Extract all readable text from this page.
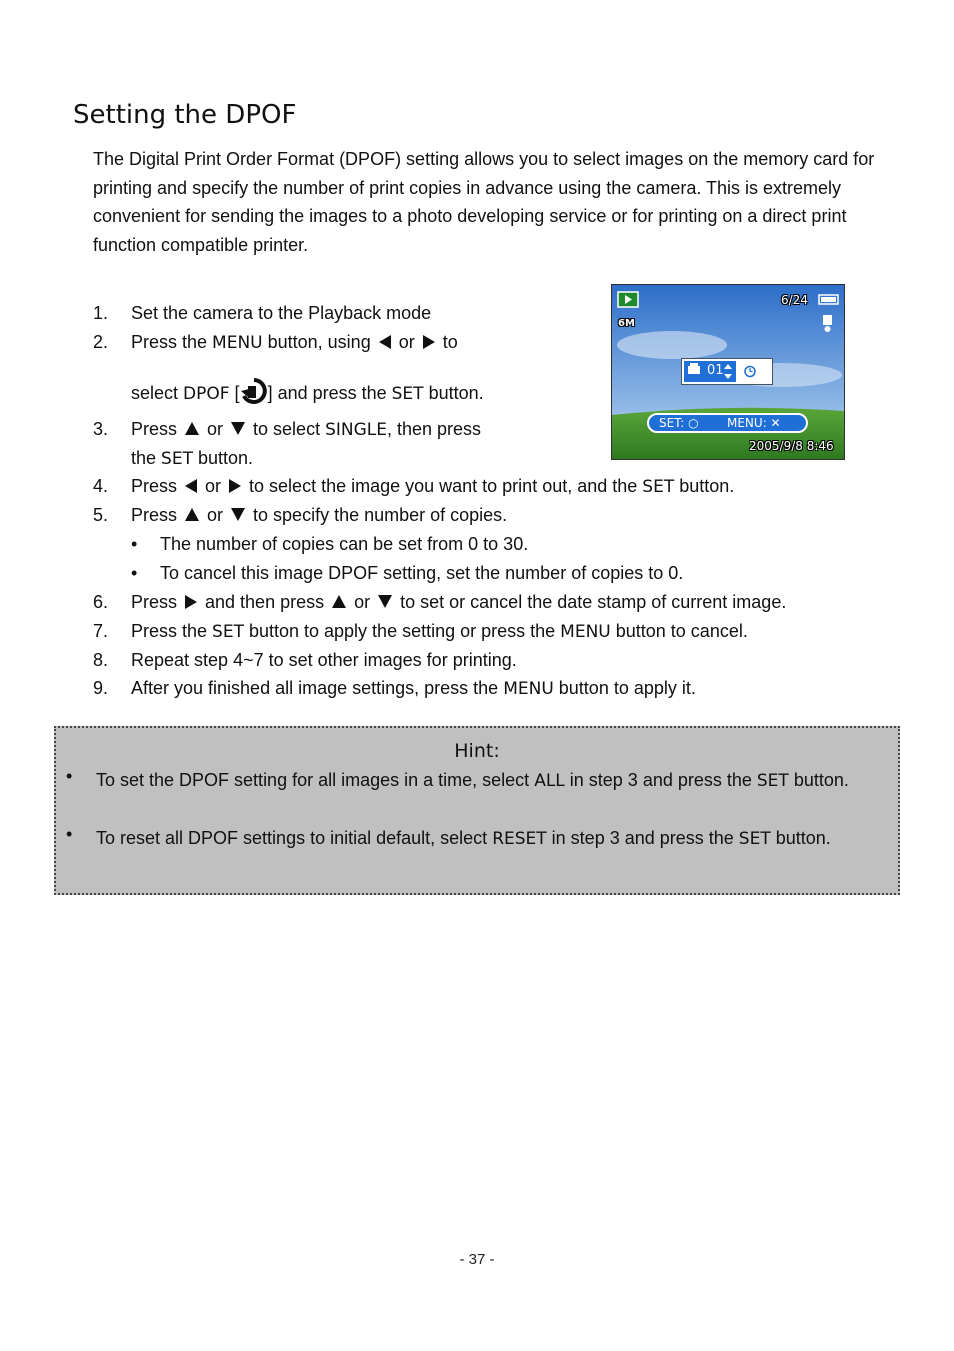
Setting the DPOF
The Digital Print Order Format (DPOF) setting allows you to select images on the memory card for printing and specify the number of print copies in advance using the camera. This is extremely convenient for sending the images to a photo developing service or for printing on a direct print function compatible printer.
1. Set the camera to the Playback mode
2. Press the MENU button, using or to
select DPOF [ ] and press the SET button.
3. Press or to select SINGLE, then press
the SET button.
4. Press or to select the image you want to print out, and the SET button.
5. Press or to specify the number of copies.
• The number of copies can be set from 0 to 30.
• To cancel this image DPOF setting, set the number of copies to 0.
6. Press and then press or to set or cancel the date stamp of current image.
7. Press the SET button to apply the setting or press the MENU button to cancel.
8. Repeat step 4~7 to set other images for printing.
9. After you finished all image settings, press the MENU button to apply it.
6/24
6M
01
SET: ○ MENU: ✕
2005/9/8 8:46
Hint:
• To set the DPOF setting for all images in a time, select ALL in step 3 and press the SET button.
• To reset all DPOF settings to initial default, select RESET in step 3 and press the SET button.
- 37 -
